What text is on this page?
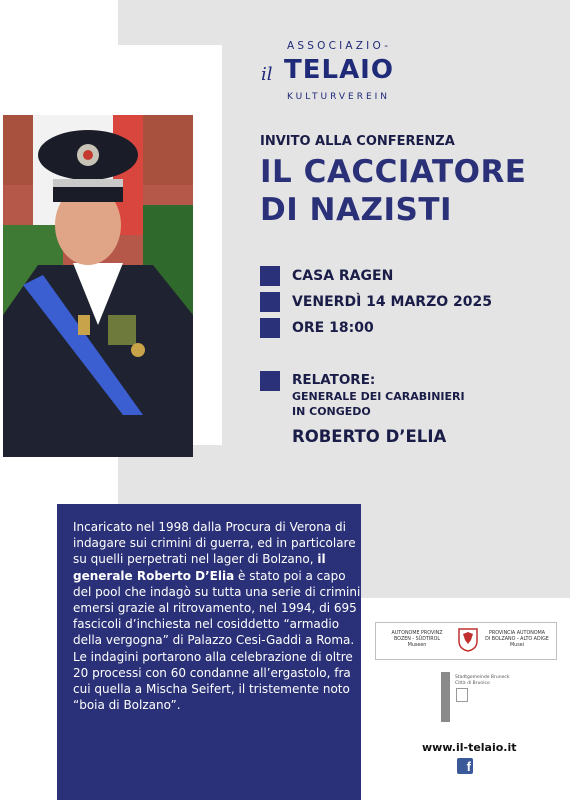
ASSOCIAZIO-
il TELAIO
KULTURVEREIN
INVITO ALLA CONFERENZA
IL CACCIATORE
DI NAZISTI
CASA RAGEN
VENERDÌ 14 MARZO 2025
ORE 18:00
RELATORE:
GENERALE DEI CARABINIERI
IN CONGEDO
ROBERTO D’ELIA
Incaricato nel 1998 dalla Procura di Verona di indagare sui crimini di guerra, ed in particolare su quelli perpetrati nel lager di Bolzano, il generale Roberto D’Elia è stato poi a capo del pool che indagò su tutta una serie di crimini emersi grazie al ritrovamento, nel 1994, di 695 fascicoli d’inchiesta nel cosiddetto “armadio della vergogna” di Palazzo Cesi-Gaddi a Roma. Le indagini portarono alla celebrazione di oltre 20 processi con 60 condanne all’ergastolo, fra cui quella a Mischa Seifert, il tristemente noto “boia di Bolzano”.
AUTONOME PROVINZ
BOZEN - SÜDTIROL
Museen
PROVINCIA AUTONOMA
DI BOLZANO - ALTO ADIGE
Musei
Stadtgemeinde Bruneck
Città di Brunico
www.il-telaio.it
f
